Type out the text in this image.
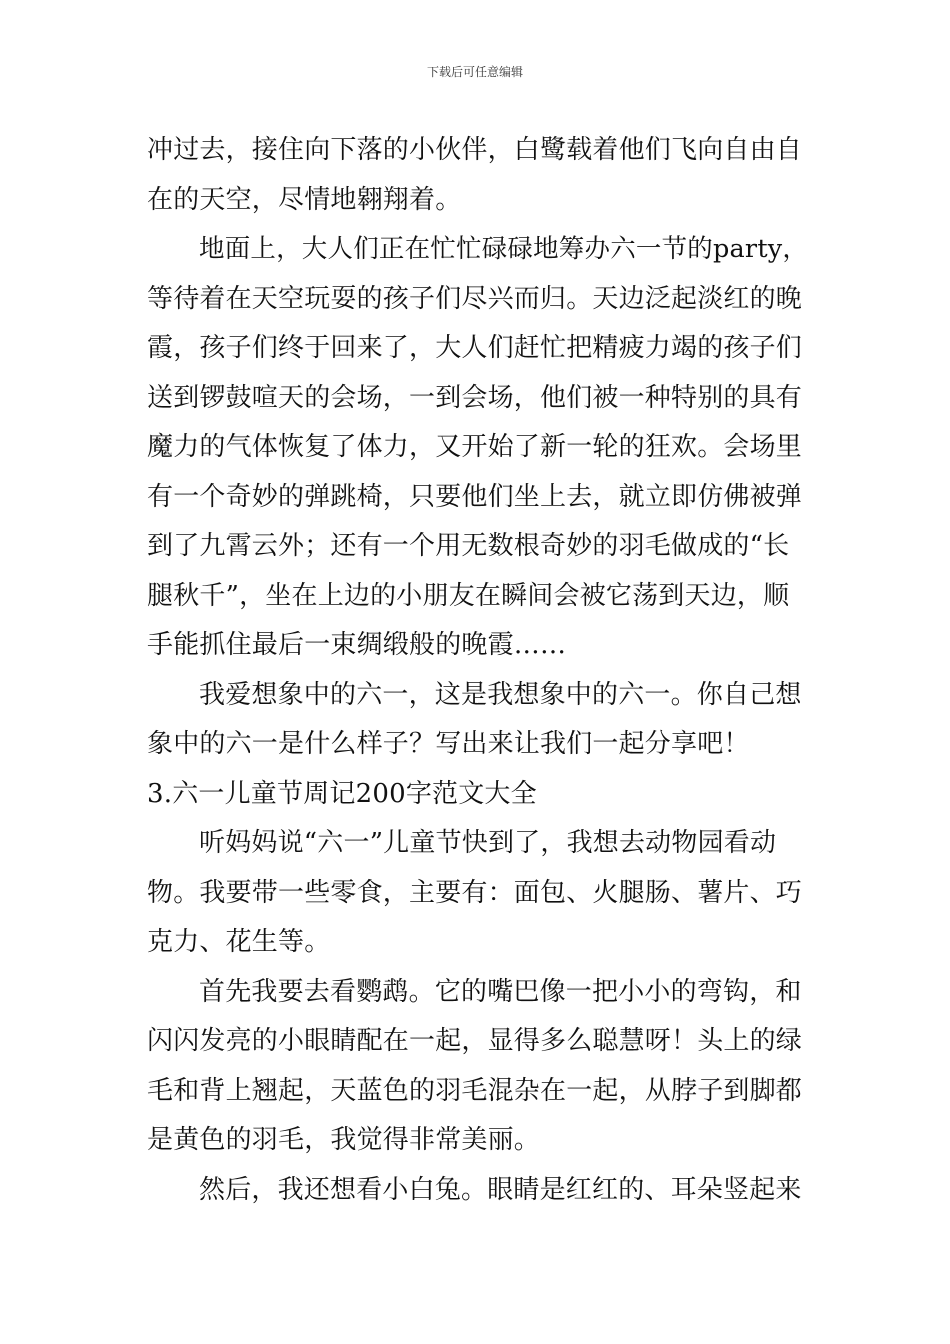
下载后可任意编辑
冲过去，接住向下落的小伙伴，白鹭载着他们飞向自由自
在的天空，尽情地翱翔着。
地面上，大人们正在忙忙碌碌地筹办六一节的party，
等待着在天空玩耍的孩子们尽兴而归。天边泛起淡红的晚
霞，孩子们终于回来了，大人们赶忙把精疲力竭的孩子们
送到锣鼓喧天的会场，一到会场，他们被一种特别的具有
魔力的气体恢复了体力，又开始了新一轮的狂欢。会场里
有一个奇妙的弹跳椅，只要他们坐上去，就立即仿佛被弹
到了九霄云外；还有一个用无数根奇妙的羽毛做成的“长
腿秋千”，坐在上边的小朋友在瞬间会被它荡到天边，顺
手能抓住最后一束绸缎般的晚霞……
我爱想象中的六一，这是我想象中的六一。你自己想
象中的六一是什么样子？写出来让我们一起分享吧！
3.六一儿童节周记200字范文大全
听妈妈说“六一”儿童节快到了，我想去动物园看动
物。我要带一些零食，主要有：面包、火腿肠、薯片、巧
克力、花生等。
首先我要去看鹦鹉。它的嘴巴像一把小小的弯钩，和
闪闪发亮的小眼睛配在一起，显得多么聪慧呀！头上的绿
毛和背上翘起，天蓝色的羽毛混杂在一起，从脖子到脚都
是黄色的羽毛，我觉得非常美丽。
然后，我还想看小白兔。眼睛是红红的、耳朵竖起来
